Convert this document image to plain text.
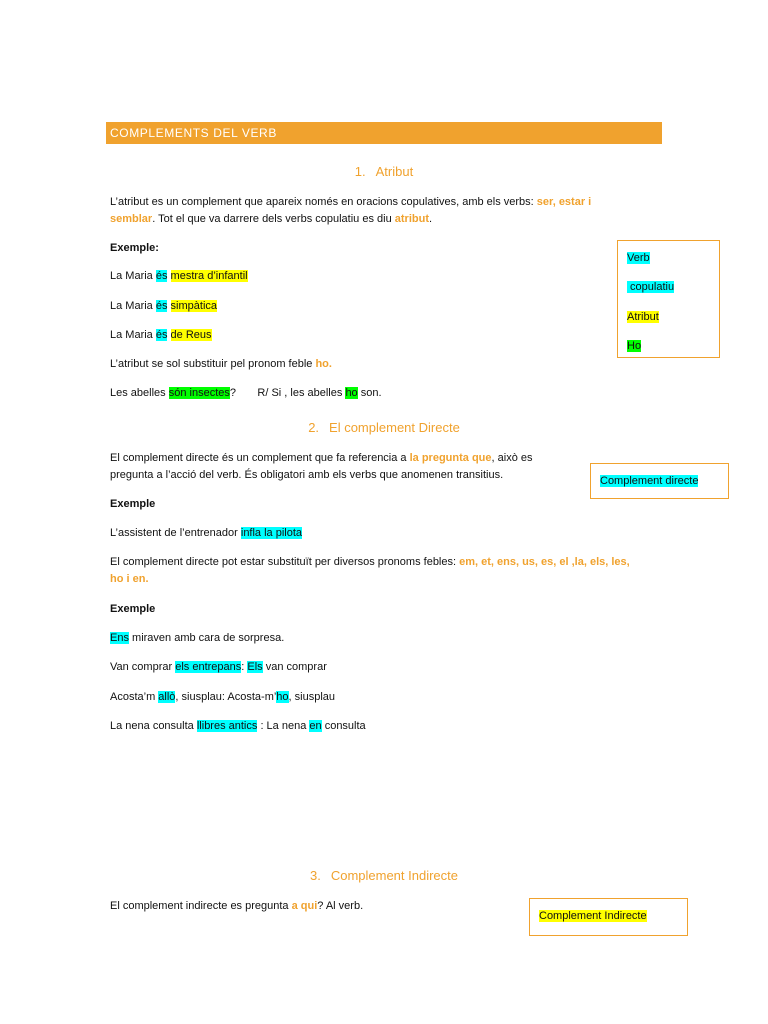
COMPLEMENTS DEL VERB
1. Atribut
L’atribut es un complement que apareix només en oracions copulatives, amb els verbs: ser, estar i semblar. Tot el que va darrere dels verbs copulatiu es diu atribut.
Exemple:
La Maria és mestra d’infantil
La Maria és simpàtica
La Maria és de Reus
L’atribut se sol substituir pel pronom feble ho.
Les abelles són insectes?       R/ Si , les abelles ho son.
Verb
copulatiu
Atribut
Ho
2. El complement Directe
El complement directe és un complement que fa referencia a la pregunta que, això es pregunta a l’acció del verb. És obligatori amb els verbs que anomenen transitius.
Exemple
L’assistent de l’entrenador infla la pilota
El complement directe pot estar substituït per diversos pronoms febles: em, et, ens, us, es, el ,la, els, les, ho i en.
Exemple
Ens miraven amb cara de sorpresa.
Van comprar els entrepans: Els van comprar
Acosta’m allò, siusplau: Acosta-m’ho, siusplau
La nena consulta llibres antics : La nena en consulta
Complement directe
3. Complement Indirecte
El complement indirecte es pregunta a qui? Al verb.
Complement Indirecte
